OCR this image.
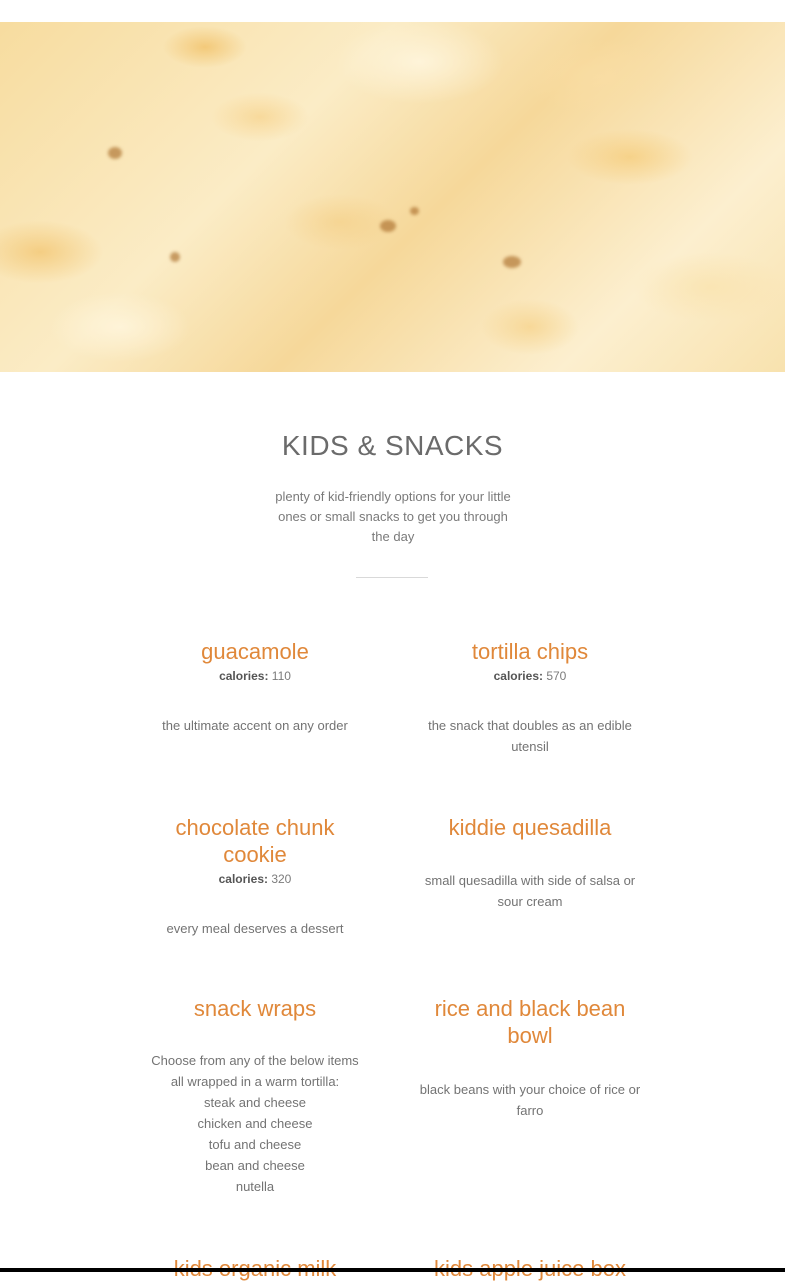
KIDS & SNACKS

plenty of kid-friendly options for your little ones or small snacks to get you through the day

guacamole
calories: 110
the ultimate accent on any order
tortilla chips
calories: 570
the snack that doubles as an edible utensil
chocolate chunk cookie
calories: 320
every meal deserves a dessert
kiddie quesadilla
small quesadilla with side of salsa or sour cream
snack wraps
Choose from any of the below items
all wrapped in a warm tortilla:
steak and cheese
chicken and cheese
tofu and cheese
bean and cheese
nutella
rice and black bean bowl
black beans with your choice of rice or farro
